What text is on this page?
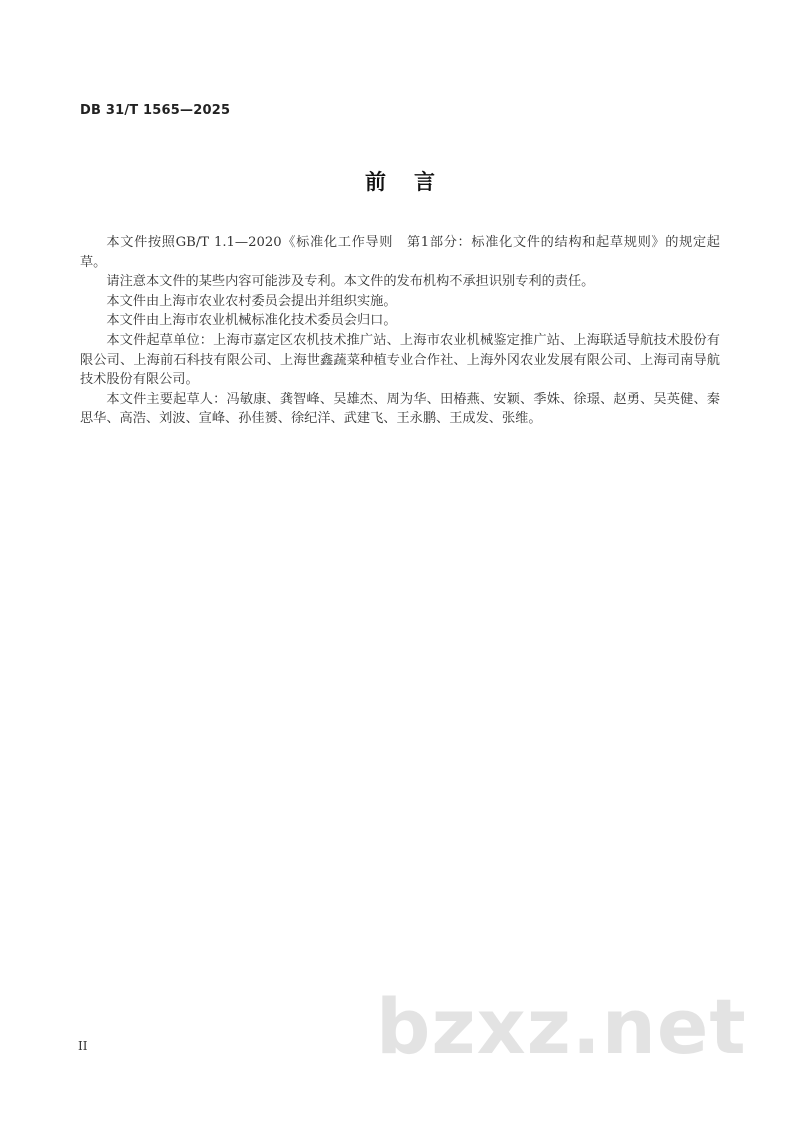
DB 31/T 1565—2025
前言

本文件按照GB/T 1.1—2020《标准化工作导则　第1部分：标准化文件的结构和起草规则》的规定起草。

请注意本文件的某些内容可能涉及专利。本文件的发布机构不承担识别专利的责任。

本文件由上海市农业农村委员会提出并组织实施。

本文件由上海市农业机械标准化技术委员会归口。

本文件起草单位：上海市嘉定区农机技术推广站、上海市农业机械鉴定推广站、上海联适导航技术股份有限公司、上海前石科技有限公司、上海世鑫蔬菜种植专业合作社、上海外冈农业发展有限公司、上海司南导航技术股份有限公司。

本文件主要起草人：冯敏康、龚智峰、吴雄杰、周为华、田椿燕、安颖、季姝、徐璟、赵勇、吴英健、秦思华、高浩、刘波、宣峰、孙佳赟、徐纪洋、武建飞、王永鹏、王成发、张维。

II	bzxz.net
